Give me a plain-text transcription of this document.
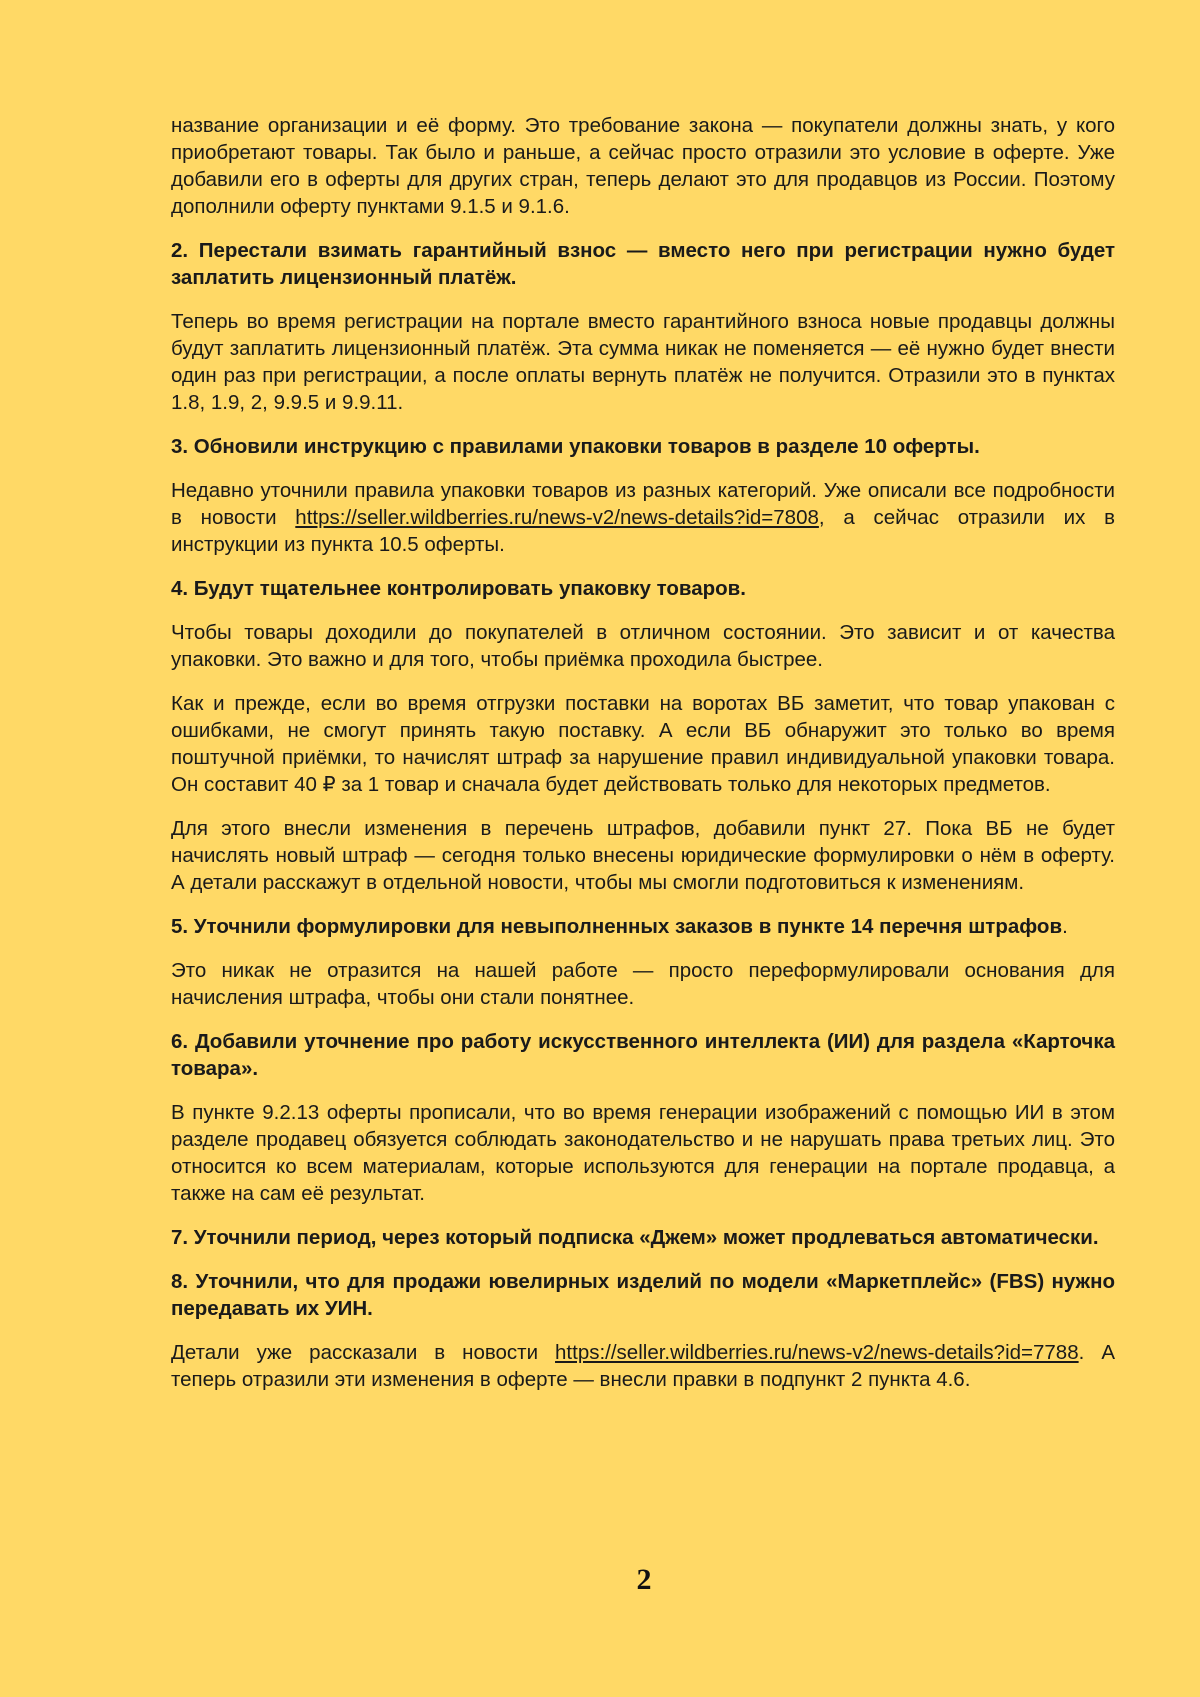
название организации и её форму. Это требование закона — покупатели должны знать, у кого приобретают товары. Так было и раньше, а сейчас просто отразили это условие в оферте. Уже добавили его в оферты для других стран, теперь делают это для продавцов из России. Поэтому дополнили оферту пунктами 9.1.5 и 9.1.6.

2. Перестали взимать гарантийный взнос — вместо него при регистрации нужно будет заплатить лицензионный платёж.

Теперь во время регистрации на портале вместо гарантийного взноса новые продавцы должны будут заплатить лицензионный платёж. Эта сумма никак не поменяется — её нужно будет внести один раз при регистрации, а после оплаты вернуть платёж не получится. Отразили это в пунктах 1.8, 1.9, 2, 9.9.5 и 9.9.11.

3. Обновили инструкцию с правилами упаковки товаров в разделе 10 оферты.

Недавно уточнили правила упаковки товаров из разных категорий. Уже описали все подробности в новости https://seller.wildberries.ru/news-v2/news-details?id=7808, а сейчас отразили их в инструкции из пункта 10.5 оферты.

4. Будут тщательнее контролировать упаковку товаров.

Чтобы товары доходили до покупателей в отличном состоянии. Это зависит и от качества упаковки. Это важно и для того, чтобы приёмка проходила быстрее.

Как и прежде, если во время отгрузки поставки на воротах ВБ заметит, что товар упакован с ошибками, не смогут принять такую поставку. А если ВБ обнаружит это только во время поштучной приёмки, то начислят штраф за нарушение правил индивидуальной упаковки товара. Он составит 40 ₽ за 1 товар и сначала будет действовать только для некоторых предметов.

Для этого внесли изменения в перечень штрафов, добавили пункт 27. Пока ВБ не будет начислять новый штраф — сегодня только внесены юридические формулировки о нём в оферту. А детали расскажут в отдельной новости, чтобы мы смогли подготовиться к изменениям.

5. Уточнили формулировки для невыполненных заказов в пункте 14 перечня штрафов.

Это никак не отразится на нашей работе — просто переформулировали основания для начисления штрафа, чтобы они стали понятнее.

6. Добавили уточнение про работу искусственного интеллекта (ИИ) для раздела «Карточка товара».

В пункте 9.2.13 оферты прописали, что во время генерации изображений с помощью ИИ в этом разделе продавец обязуется соблюдать законодательство и не нарушать права третьих лиц. Это относится ко всем материалам, которые используются для генерации на портале продавца, а также на сам её результат.

7. Уточнили период, через который подписка «Джем» может продлеваться автоматически.

8. Уточнили, что для продажи ювелирных изделий по модели «Маркетплейс» (FBS) нужно передавать их УИН.

Детали уже рассказали в новости https://seller.wildberries.ru/news-v2/news-details?id=7788. А теперь отразили эти изменения в оферте — внесли правки в подпункт 2 пункта 4.6.

2
